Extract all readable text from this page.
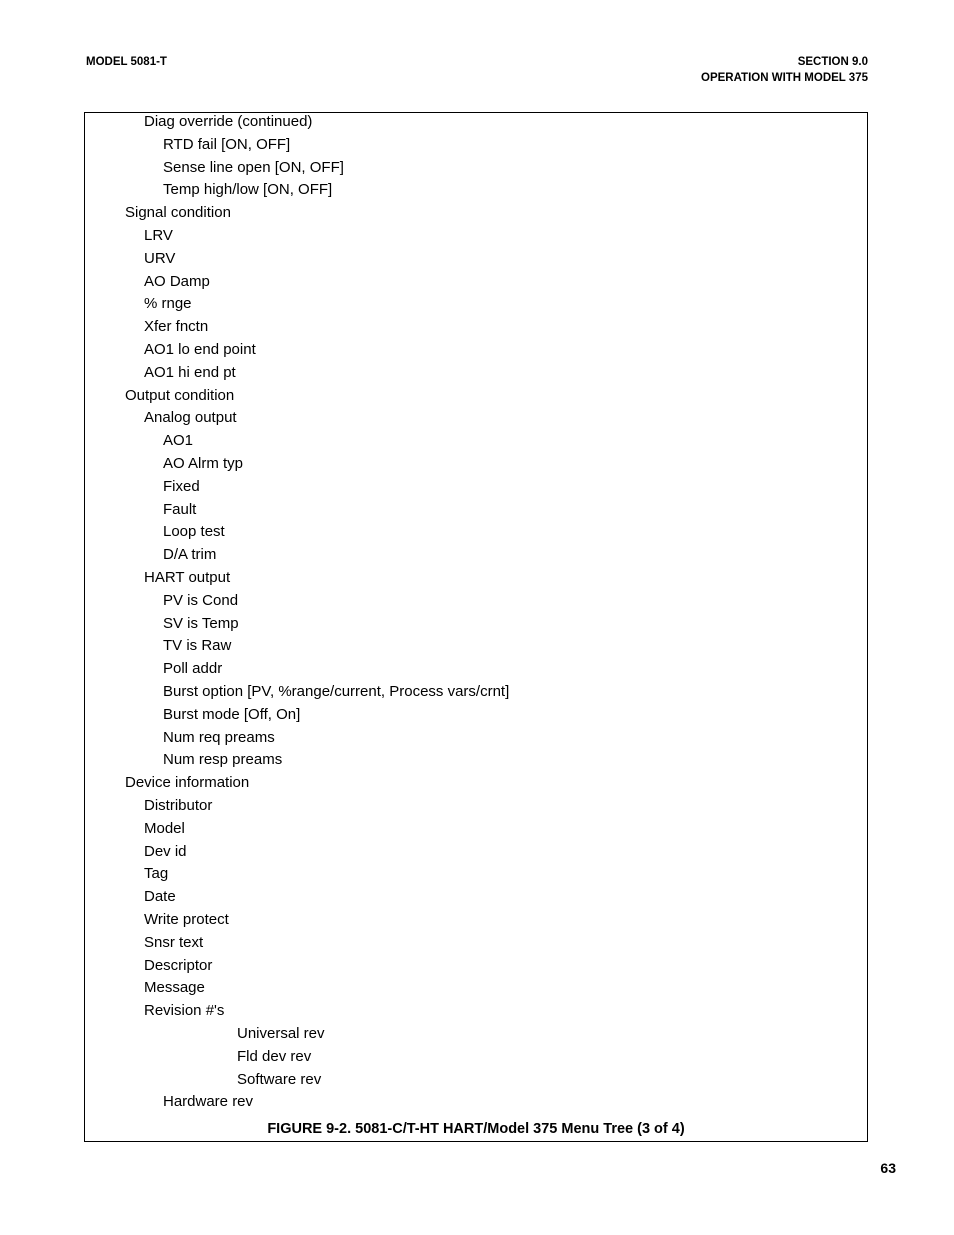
MODEL 5081-T	SECTION 9.0
OPERATION WITH MODEL 375
Diag override (continued)
RTD fail [ON, OFF]
Sense line open [ON, OFF]
Temp high/low [ON, OFF]
Signal condition
LRV
URV
AO Damp
% rnge
Xfer fnctn
AO1 lo end point
AO1 hi end pt
Output condition
Analog output
AO1
AO Alrm typ
Fixed
Fault
Loop test
D/A trim
HART output
PV is Cond
SV is Temp
TV is Raw
Poll addr
Burst option [PV, %range/current, Process vars/crnt]
Burst mode [Off, On]
Num req preams
Num resp preams
Device information
Distributor
Model
Dev id
Tag
Date
Write protect
Snsr text
Descriptor
Message
Revision #'s
Universal rev
Fld dev rev
Software rev
Hardware rev
FIGURE 9-2. 5081-C/T-HT HART/Model 375 Menu Tree (3 of 4)
63
